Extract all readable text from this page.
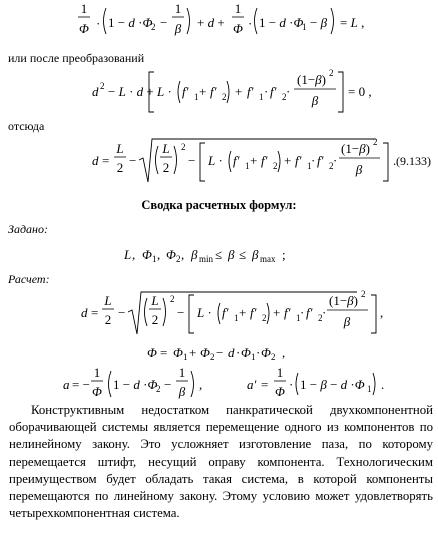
1
Φ · 1 − d ·Φ
2 −
1
β + d +
1
Φ · 1 − d ·Φ
1 − β = L ,
или после преобразований
d 2 − L · d + L · f′ 1 + f′ 2 + f′ 1 · f′ 2 ·
(1−β) 2
β
= 0 ,
отсюда
d =
L
2 −
L
2
2
− L · f′ 1 + f′ 2 + f′ 1 · f′ 2 ·
(1−β) 2
β
. (9.133)
Сводка расчетных формул:
Задано:
L , Φ 1 , Φ 2 , β min ≤ β ≤ β max ;
Расчет:
d =
L
2 −
L
2
2
− L · f′ 1 + f′ 2 + f′ 1 · f′ 2 ·
(1−β) 2
β
,
Φ = Φ 1 + Φ 2 − d · Φ 1 · Φ 2 ,
a = −
1
Φ 1 − d ·Φ
2 −
1
β ,	a′ =
1
Φ · 1 − β − d ·Φ 1 .

Конструктивным недостатком панкратической двухкомпонентной оборачивающей системы является перемещение одного из компонентов по нелинейному закону. Это усложняет изготовление паза, по которому перемещается штифт, несущий оправу компонента. Технологическим преимуществом будет обладать такая система, в которой компоненты перемещаются по линейному закону. Этому условию может удовлетворять четырехкомпонентная система.
